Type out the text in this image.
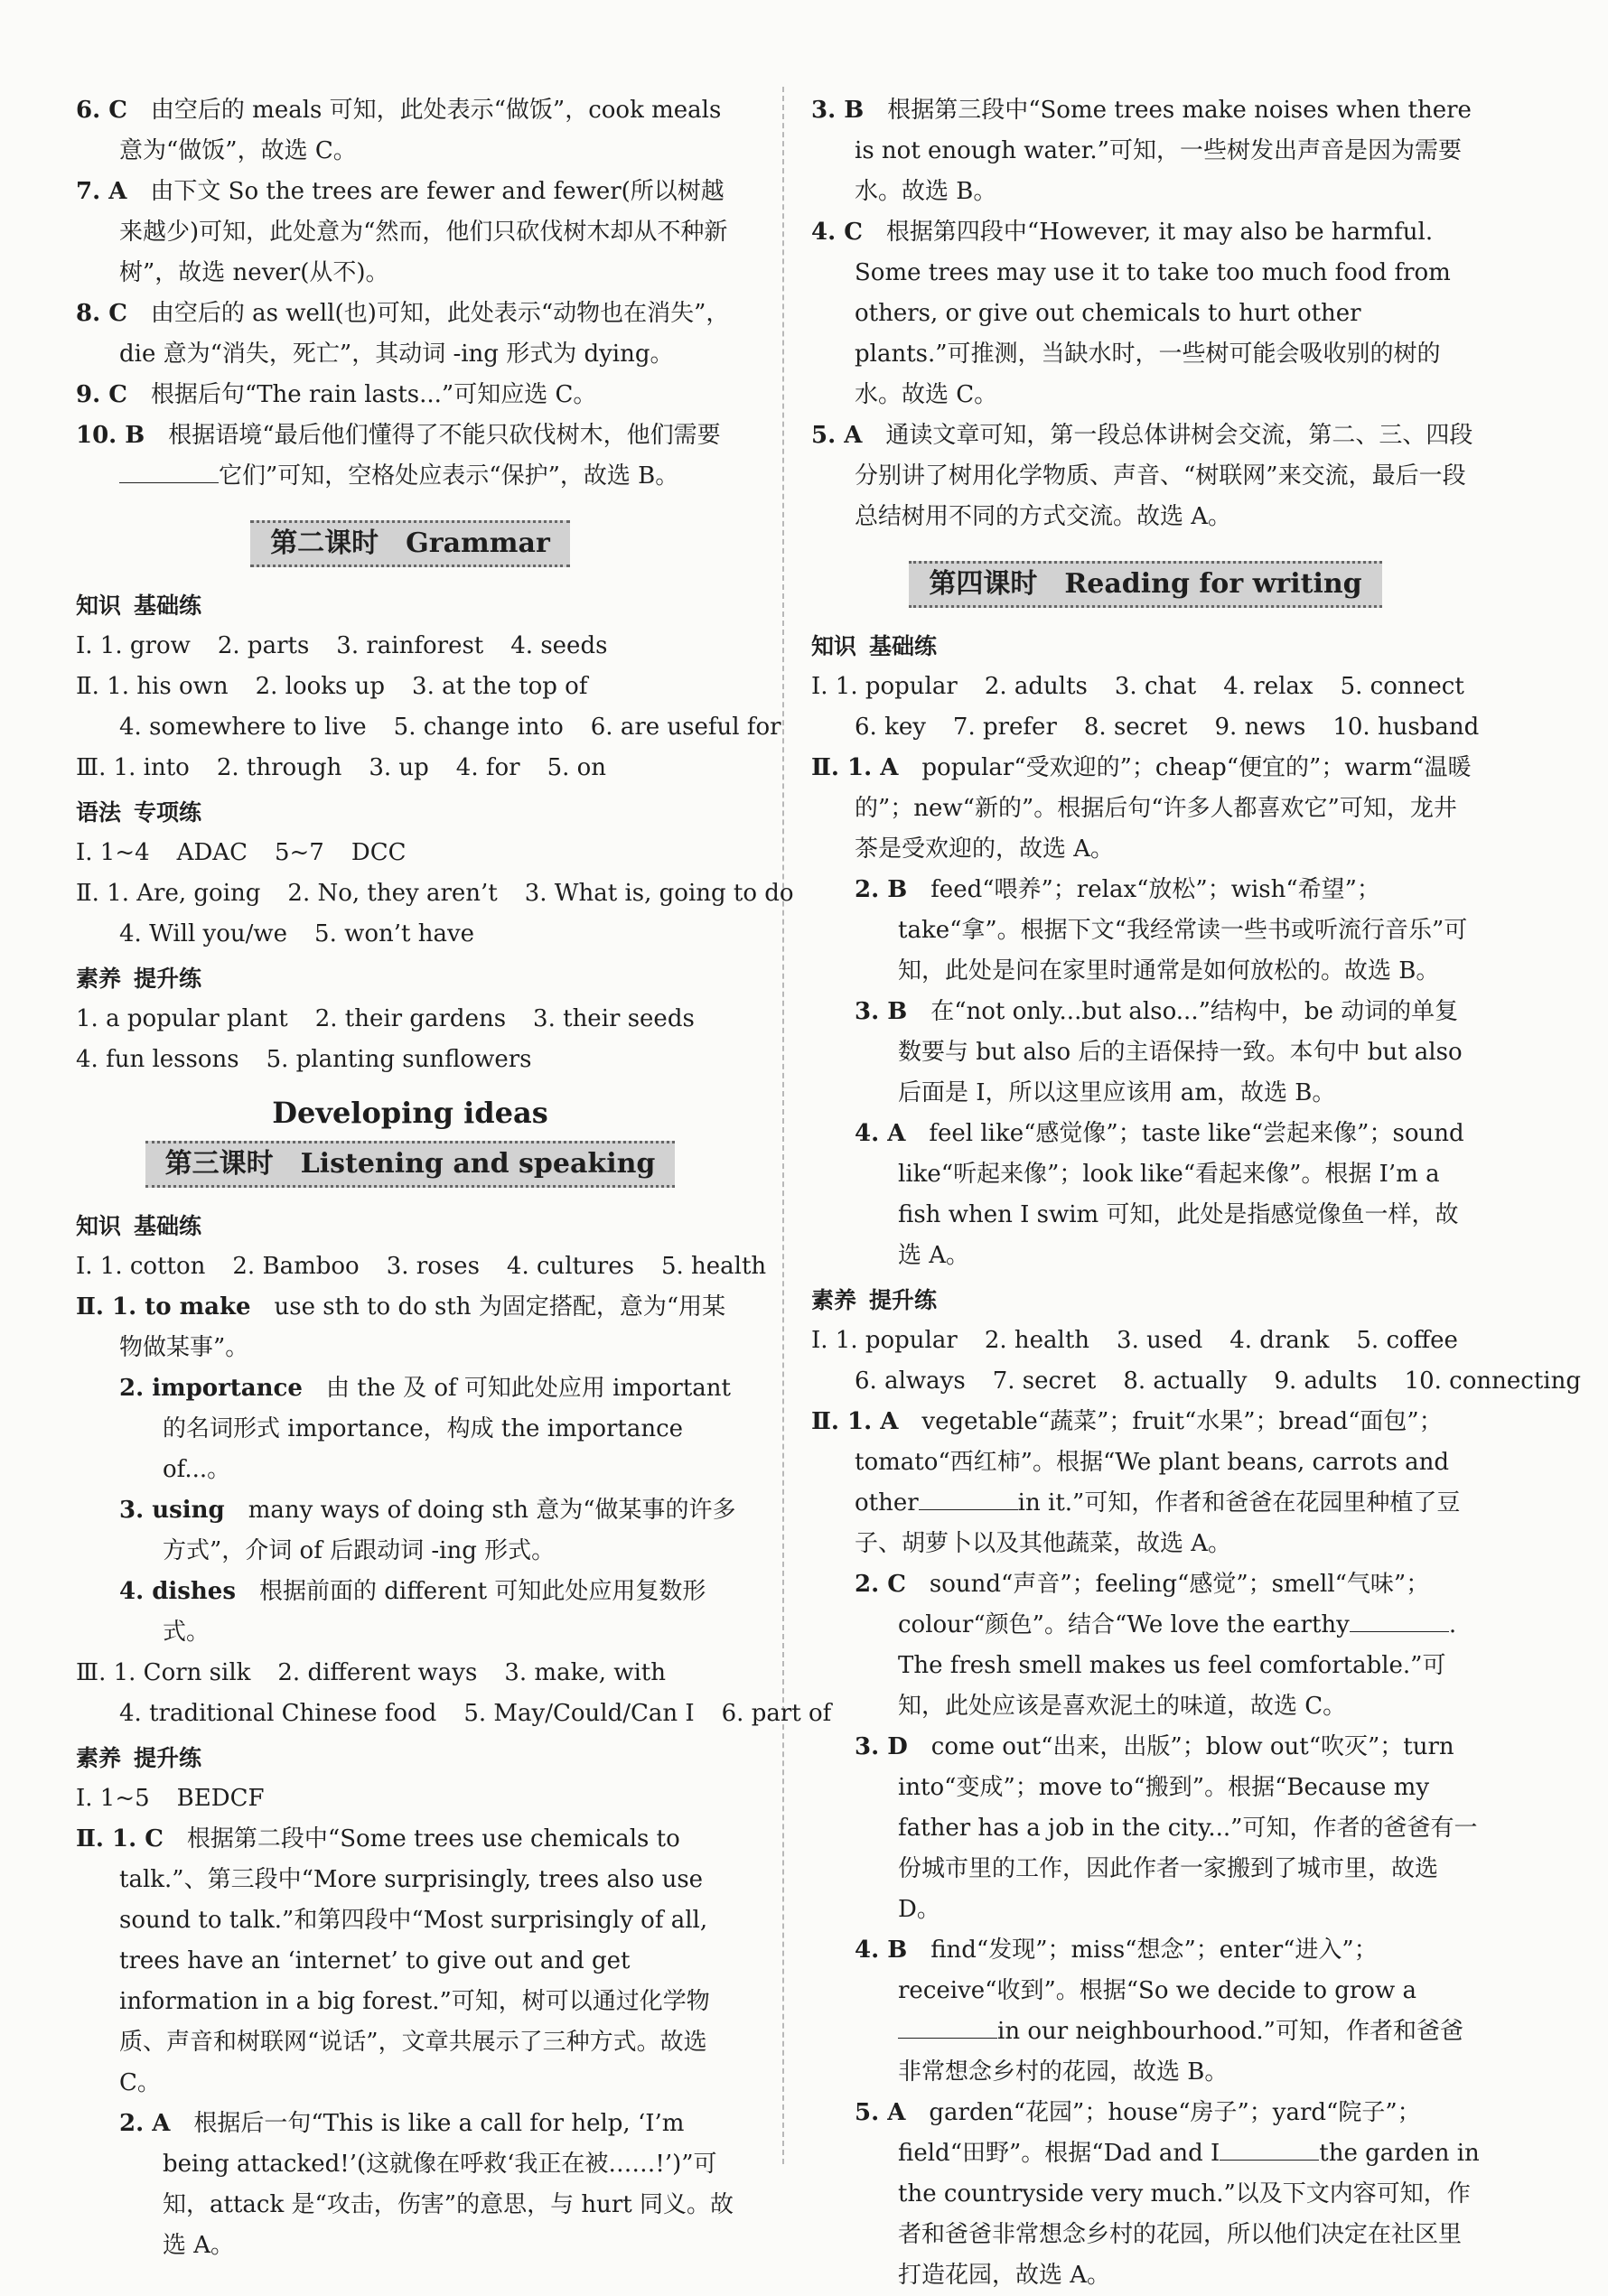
6. C　 由空后的 meals 可知，此处表示“做饭”，cook meals 意为“做饭”，故选 C。

7. A　 由下文 So the trees are fewer and fewer(所以树越来越少)可知，此处意为“然而，他们只砍伐树木却从不种新树”，故选 never(从不)。

8. C　 由空后的 as well(也)可知，此处表示“动物也在消失”，die 意为“消失，死亡”，其动词 -ing 形式为 dying。

9. C　 根据后句“The rain lasts...”可知应选 C。

10. B　 根据语境“最后他们懂得了不能只砍伐树木，他们需要它们”可知，空格处应表示“保护”，故选 B。

第二课时　Grammar

知识 基础练

Ⅰ. 1. grow 2. parts 3. rainforest 4. seeds

Ⅱ. 1. his own 2. looks up 3. at the top of

4. somewhere to live 5. change into 6. are useful for

Ⅲ. 1. into 2. through 3. up 4. for 5. on

语法 专项练

Ⅰ. 1~4 ADAC 5~7 DCC

Ⅱ. 1. Are, going 2. No, they aren’t 3. What is, going to do

4. Will you/we 5. won’t have

素养 提升练

1. a popular plant 2. their gardens 3. their seeds

4. fun lessons 5. planting sunflowers

Developing ideas
第三课时　Listening and speaking

知识 基础练

Ⅰ. 1. cotton 2. Bamboo 3. roses 4. cultures 5. health

Ⅱ. 1. to make　 use sth to do sth 为固定搭配，意为“用某物做某事”。

2. importance　 由 the 及 of 可知此处应用 important 的名词形式 importance，构成 the importance of...。

3. using　 many ways of doing sth 意为“做某事的许多方式”，介词 of 后跟动词 -ing 形式。

4. dishes　 根据前面的 different 可知此处应用复数形式。

Ⅲ. 1. Corn silk 2. different ways 3. make, with

4. traditional Chinese food 5. May/Could/Can I 6. part of

素养 提升练

Ⅰ. 1~5 BEDCF

Ⅱ. 1. C　 根据第二段中“Some trees use chemicals to talk.”、第三段中“More surprisingly, trees also use sound to talk.”和第四段中“Most surprisingly of all, trees have an ‘internet’ to give out and get information in a big forest.”可知，树可以通过化学物质、声音和树联网“说话”，文章共展示了三种方式。故选 C。

2. A　 根据后一句“This is like a call for help, ‘I’m being attacked!’(这就像在呼救‘我正在被……!’)”可知，attack 是“攻击，伤害”的意思，与 hurt 同义。故选 A。

3. B　 根据第三段中“Some trees make noises when there is not enough water.”可知，一些树发出声音是因为需要水。故选 B。

4. C　 根据第四段中“However, it may also be harmful. Some trees may use it to take too much food from others, or give out chemicals to hurt other plants.”可推测，当缺水时，一些树可能会吸收别的树的水。故选 C。

5. A　 通读文章可知，第一段总体讲树会交流，第二、三、四段分别讲了树用化学物质、声音、“树联网”来交流，最后一段总结树用不同的方式交流。故选 A。

第四课时　Reading for writing

知识 基础练

Ⅰ. 1. popular 2. adults 3. chat 4. relax 5. connect

6. key 7. prefer 8. secret 9. news 10. husband

Ⅱ. 1. A　 popular“受欢迎的”；cheap“便宜的”；warm“温暖的”；new“新的”。根据后句“许多人都喜欢它”可知，龙井茶是受欢迎的，故选 A。

2. B　 feed“喂养”；relax“放松”；wish“希望”；take“拿”。根据下文“我经常读一些书或听流行音乐”可知，此处是问在家里时通常是如何放松的。故选 B。

3. B　 在“not only...but also...”结构中，be 动词的单复数要与 but also 后的主语保持一致。本句中 but also 后面是 I，所以这里应该用 am，故选 B。

4. A　 feel like“感觉像”；taste like“尝起来像”；sound like“听起来像”；look like“看起来像”。根据 I’m a fish when I swim 可知，此处是指感觉像鱼一样，故选 A。

素养 提升练

Ⅰ. 1. popular 2. health 3. used 4. drank 5. coffee

6. always 7. secret 8. actually 9. adults 10. connecting

Ⅱ. 1. A　 vegetable“蔬菜”；fruit“水果”；bread“面包”；tomato“西红柿”。根据“We plant beans, carrots and other	in it.”可知，作者和爸爸在花园里种植了豆子、胡萝卜以及其他蔬菜，故选 A。

2. C　 sound“声音”；feeling“感觉”；smell“气味”；colour“颜色”。结合“We love the earthy	. The fresh smell makes us feel comfortable.”可知，此处应该是喜欢泥土的味道，故选 C。

3. D　 come out“出来，出版”；blow out“吹灭”；turn into“变成”；move to“搬到”。根据“Because my father has a job in the city...”可知，作者的爸爸有一份城市里的工作，因此作者一家搬到了城市里，故选 D。

4. B　 find“发现”；miss“想念”；enter“进入”；receive“收到”。根据“So we decide to grow ain our neighbourhood.”可知，作者和爸爸非常想念乡村的花园，故选 B。

5. A　 garden“花园”；house“房子”；yard“院子”；field“田野”。根据“Dad and I	the garden in the countryside very much.”以及下文内容可知，作者和爸爸非常想念乡村的花园，所以他们决定在社区里打造花园，故选 A。
